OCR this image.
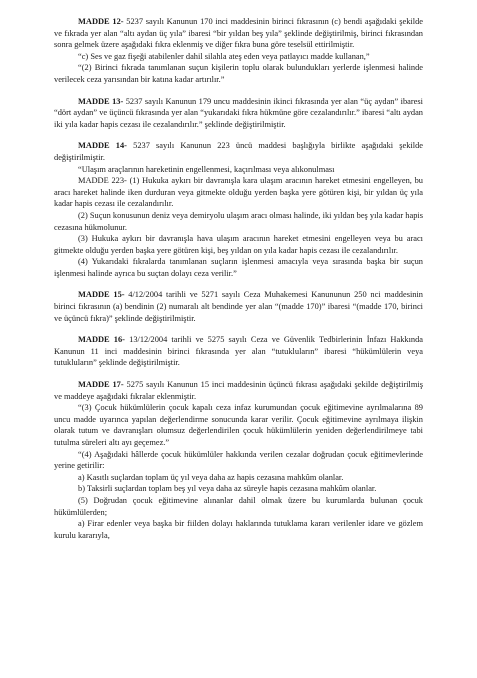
MADDE 12- 5237 sayılı Kanunun 170 inci maddesinin birinci fıkrasının (c) bendi aşağıdaki şekilde ve fıkrada yer alan “altı aydan üç yıla” ibaresi “bir yıldan beş yıla” şeklinde değiştirilmiş, birinci fıkrasından sonra gelmek üzere aşağıdaki fıkra eklenmiş ve diğer fıkra buna göre teselsül ettirilmiştir.

“c) Ses ve gaz fişeği atabilenler dahil silahla ateş eden veya patlayıcı madde kullanan,”

“(2) Birinci fıkrada tanımlanan suçun kişilerin toplu olarak bulundukları yerlerde işlenmesi halinde verilecek ceza yarısından bir katına kadar artırılır.”

MADDE 13- 5237 sayılı Kanunun 179 uncu maddesinin ikinci fıkrasında yer alan “üç aydan” ibaresi “dört aydan” ve üçüncü fıkrasında yer alan “yukarıdaki fıkra hükmüne göre cezalandırılır.” ibaresi “altı aydan iki yıla kadar hapis cezası ile cezalandırılır.” şeklinde değiştirilmiştir.

MADDE 14- 5237 sayılı Kanunun 223 üncü maddesi başlığıyla birlikte aşağıdaki şekilde değiştirilmiştir.

“Ulaşım araçlarının hareketinin engellenmesi, kaçırılması veya alıkonulması

MADDE 223- (1) Hukuka aykırı bir davranışla kara ulaşım aracının hareket etmesini engelleyen, bu aracı hareket halinde iken durduran veya gitmekte olduğu yerden başka yere götüren kişi, bir yıldan üç yıla kadar hapis cezası ile cezalandırılır.

(2) Suçun konusunun deniz veya demiryolu ulaşım aracı olması halinde, iki yıldan beş yıla kadar hapis cezasına hükmolunur.

(3) Hukuka aykırı bir davranışla hava ulaşım aracının hareket etmesini engelleyen veya bu aracı gitmekte olduğu yerden başka yere götüren kişi, beş yıldan on yıla kadar hapis cezası ile cezalandırılır.

(4) Yukarıdaki fıkralarda tanımlanan suçların işlenmesi amacıyla veya sırasında başka bir suçun işlenmesi halinde ayrıca bu suçtan dolayı ceza verilir.”

MADDE 15- 4/12/2004 tarihli ve 5271 sayılı Ceza Muhakemesi Kanununun 250 nci maddesinin birinci fıkrasının (a) bendinin (2) numaralı alt bendinde yer alan “(madde 170)” ibaresi “(madde 170, birinci ve üçüncü fıkra)” şeklinde değiştirilmiştir.

MADDE 16- 13/12/2004 tarihli ve 5275 sayılı Ceza ve Güvenlik Tedbirlerinin İnfazı Hakkında Kanunun 11 inci maddesinin birinci fıkrasında yer alan “tutukluların” ibaresi “hükümlülerin veya tutukluların” şeklinde değiştirilmiştir.

MADDE 17- 5275 sayılı Kanunun 15 inci maddesinin üçüncü fıkrası aşağıdaki şekilde değiştirilmiş ve maddeye aşağıdaki fıkralar eklenmiştir.

“(3) Çocuk hükümlülerin çocuk kapalı ceza infaz kurumundan çocuk eğitimevine ayrılmalarına 89 uncu madde uyarınca yapılan değerlendirme sonucunda karar verilir. Çocuk eğitimevine ayrılmaya ilişkin olarak tutum ve davranışları olumsuz değerlendirilen çocuk hükümlülerin yeniden değerlendirilmeye tabi tutulma süreleri altı ayı geçemez.”

“(4) Aşağıdaki hâllerde çocuk hükümlüler hakkında verilen cezalar doğrudan çocuk eğitimevlerinde yerine getirilir:

a) Kasıtlı suçlardan toplam üç yıl veya daha az hapis cezasına mahkûm olanlar.

b) Taksirli suçlardan toplam beş yıl veya daha az süreyle hapis cezasına mahkûm olanlar.

(5) Doğrudan çocuk eğitimevine alınanlar dahil olmak üzere bu kurumlarda bulunan çocuk hükümlülerden;

a) Firar edenler veya başka bir fiilden dolayı haklarında tutuklama kararı verilenler idare ve gözlem kurulu kararıyla,
